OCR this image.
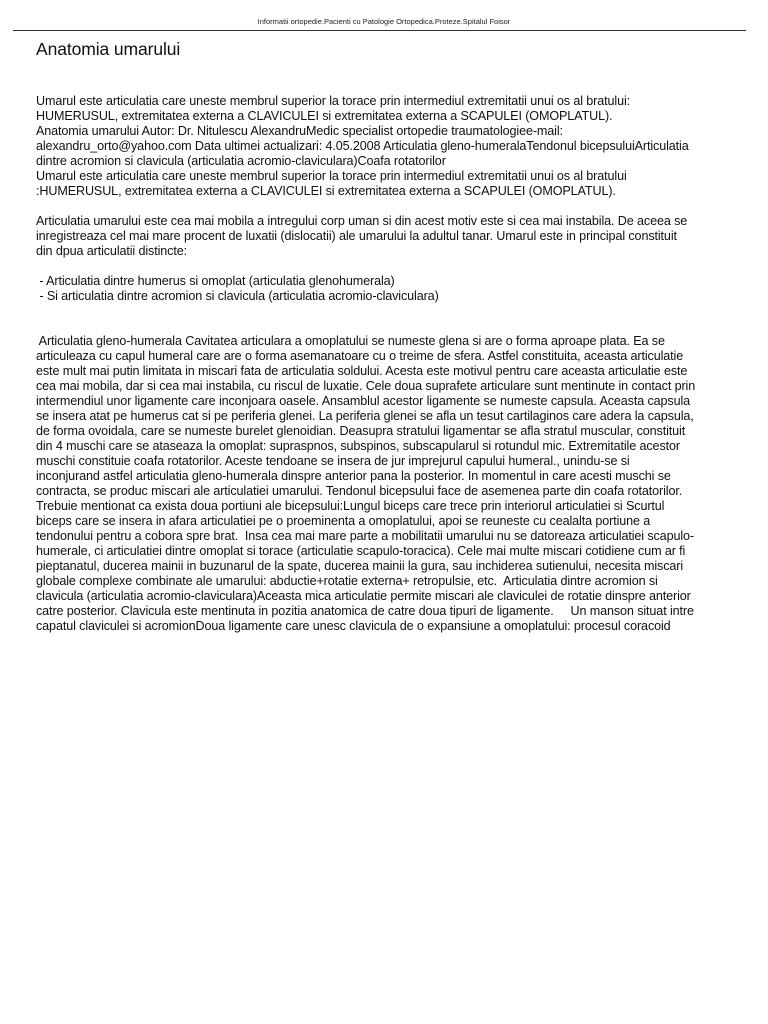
Informatii ortopedie.Pacienti cu Patologie Ortopedica.Proteze.Spitalul Foisor
Anatomia umarului
Umarul este articulatia care uneste membrul superior la torace prin intermediul extremitatii unui os al bratului:
HUMERUSUL, extremitatea externa a CLAVICULEI si extremitatea externa a SCAPULEI (OMOPLATUL).
Anatomia umarului Autor: Dr. Nitulescu AlexandruMedic specialist ortopedie traumatologiee-mail:
alexandru_orto@yahoo.com Data ultimei actualizari: 4.05.2008 Articulatia gleno-humeralaTendonul bicepsuluiArticulatia
dintre acromion si clavicula (articulatia acromio-claviculara)Coafa rotatorilor
Umarul este articulatia care uneste membrul superior la torace prin intermediul extremitatii unui os al bratului
:HUMERUSUL, extremitatea externa a CLAVICULEI si extremitatea externa a SCAPULEI (OMOPLATUL).
Articulatia umarului este cea mai mobila a intregului corp uman si din acest motiv este si cea mai instabila. De aceea se
inregistreaza cel mai mare procent de luxatii (dislocatii) ale umarului la adultul tanar. Umarul este in principal constituit
din dpua articulatii distincte:
- Articulatia dintre humerus si omoplat (articulatia glenohumerala)
- Si articulatia dintre acromion si clavicula (articulatia acromio-claviculara)
Articulatia gleno-humerala Cavitatea articulara a omoplatului se numeste glena si are o forma aproape plata. Ea se
articuleaza cu capul humeral care are o forma asemanatoare cu o treime de sfera. Astfel constituita, aceasta articulatie
este mult mai putin limitata in miscari fata de articulatia soldului. Acesta este motivul pentru care aceasta articulatie este
cea mai mobila, dar si cea mai instabila, cu riscul de luxatie. Cele doua suprafete articulare sunt mentinute in contact prin
intermendiul unor ligamente care inconjoara oasele. Ansamblul acestor ligamente se numeste capsula. Aceasta capsula
se insera atat pe humerus cat si pe periferia glenei. La periferia glenei se afla un tesut cartilaginos care adera la capsula,
de forma ovoidala, care se numeste burelet glenoidian. Deasupra stratului ligamentar se afla stratul muscular, constituit
din 4 muschi care se ataseaza la omoplat: supraspnos, subspinos, subscapularul si rotundul mic. Extremitatile acestor
muschi constituie coafa rotatorilor. Aceste tendoane se insera de jur imprejurul capului humeral., unindu-se si
inconjurand astfel articulatia gleno-humerala dinspre anterior pana la posterior. In momentul in care acesti muschi se
contracta, se produc miscari ale articulatiei umarului. Tendonul bicepsului face de asemenea parte din coafa rotatorilor.
Trebuie mentionat ca exista doua portiuni ale bicepsului:Lungul biceps care trece prin interiorul articulatiei si Scurtul
biceps care se insera in afara articulatiei pe o proeminenta a omoplatului, apoi se reuneste cu cealalta portiune a
tendonului pentru a cobora spre brat.  Insa cea mai mare parte a mobilitatii umarului nu se datoreaza articulatiei scapulo-
humerale, ci articulatiei dintre omoplat si torace (articulatie scapulo-toracica). Cele mai multe miscari cotidiene cum ar fi
pieptanatul, ducerea mainii in buzunarul de la spate, ducerea mainii la gura, sau inchiderea sutienului, necesita miscari
globale complexe combinate ale umarului: abductie+rotatie externa+ retropulsie, etc.  Articulatia dintre acromion si
clavicula (articulatia acromio-claviculara)Aceasta mica articulatie permite miscari ale claviculei de rotatie dinspre anterior
catre posterior. Clavicula este mentinuta in pozitia anatomica de catre doua tipuri de ligamente.     Un manson situat intre
capatul claviculei si acromionDoua ligamente care unesc clavicula de o expansiune a omoplatului: procesul coracoid
